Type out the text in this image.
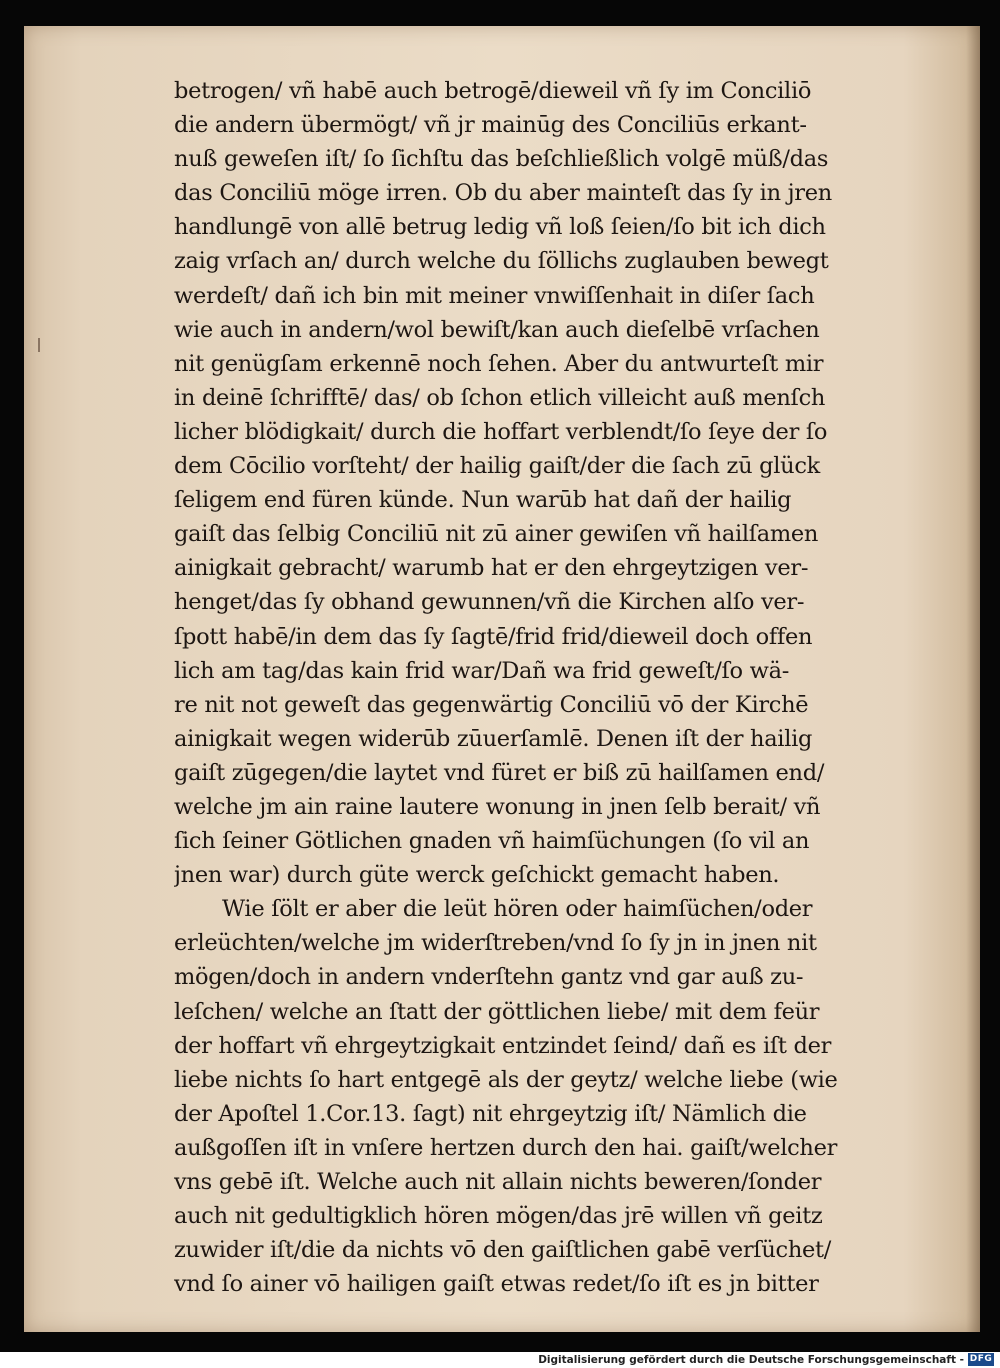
betrogen/ vñ habē auch betrogē/dieweil vñ ſy im Conciliō
die andern übermögt/ vñ jr mainūg des Conciliūs erkant-
nuß geweſen iſt/ ſo ſichſtu das beſchließlich volgē müß/das
das Conciliū möge irren. Ob du aber mainteſt das ſy in jren
handlungē von allē betrug ledig vñ loß ſeien/ſo bit ich dich
zaig vrſach an/ durch welche du ſöllichs zuglauben bewegt
werdeſt/ dañ ich bin mit meiner vnwiſſenhait in diſer ſach
wie auch in andern/wol bewiſt/kan auch dieſelbē vrſachen
nit genügſam erkennē noch ſehen. Aber du antwurteſt mir
in deinē ſchrifftē/ das/ ob ſchon etlich villeicht auß menſch
licher blödigkait/ durch die hoffart verblendt/ſo ſeye der ſo
dem Cōcilio vorſteht/ der hailig gaiſt/der die ſach zū glück
ſeligem end füren künde. Nun warūb hat dañ der hailig
gaiſt das ſelbig Conciliū nit zū ainer gewiſen vñ hailſamen
ainigkait gebracht/ warumb hat er den ehrgeytzigen ver-
henget/das ſy obhand gewunnen/vñ die Kirchen alſo ver-
ſpott habē/in dem das ſy ſagtē/frid frid/dieweil doch offen
lich am tag/das kain frid war/Dañ wa frid geweſt/ſo wä-
re nit not geweſt das gegenwärtig Conciliū vō der Kirchē
ainigkait wegen widerūb zūuerſamlē. Denen iſt der hailig
gaiſt zūgegen/die laytet vnd füret er biß zū hailſamen end/
welche jm ain raine lautere wonung in jnen ſelb berait/ vñ
ſich ſeiner Götlichen gnaden vñ haimſüchungen (ſo vil an
jnen war) durch güte werck geſchickt gemacht haben.
Wie ſölt er aber die leüt hören oder haimſüchen/oder
erleüchten/welche jm widerſtreben/vnd ſo ſy jn in jnen nit
mögen/doch in andern vnderſtehn gantz vnd gar auß zu-
leſchen/ welche an ſtatt der göttlichen liebe/ mit dem feür
der hoffart vñ ehrgeytzigkait entzindet ſeind/ dañ es iſt der
liebe nichts ſo hart entgegē als der geytz/ welche liebe (wie
der Apoſtel 1.Cor.13. ſagt) nit ehrgeytzig iſt/ Nämlich die
außgoſſen iſt in vnſere hertzen durch den hai. gaiſt/welcher
vns gebē iſt. Welche auch nit allain nichts beweren/ſonder
auch nit gedultigklich hören mögen/das jrē willen vñ geitz
zuwider iſt/die da nichts vō den gaiſtlichen gabē verſüchet/
vnd ſo ainer vō hailigen gaiſt etwas redet/ſo iſt es jn bitter
Digitalisierung gefördert durch die Deutsche Forschungsgemeinschaft - DFG
